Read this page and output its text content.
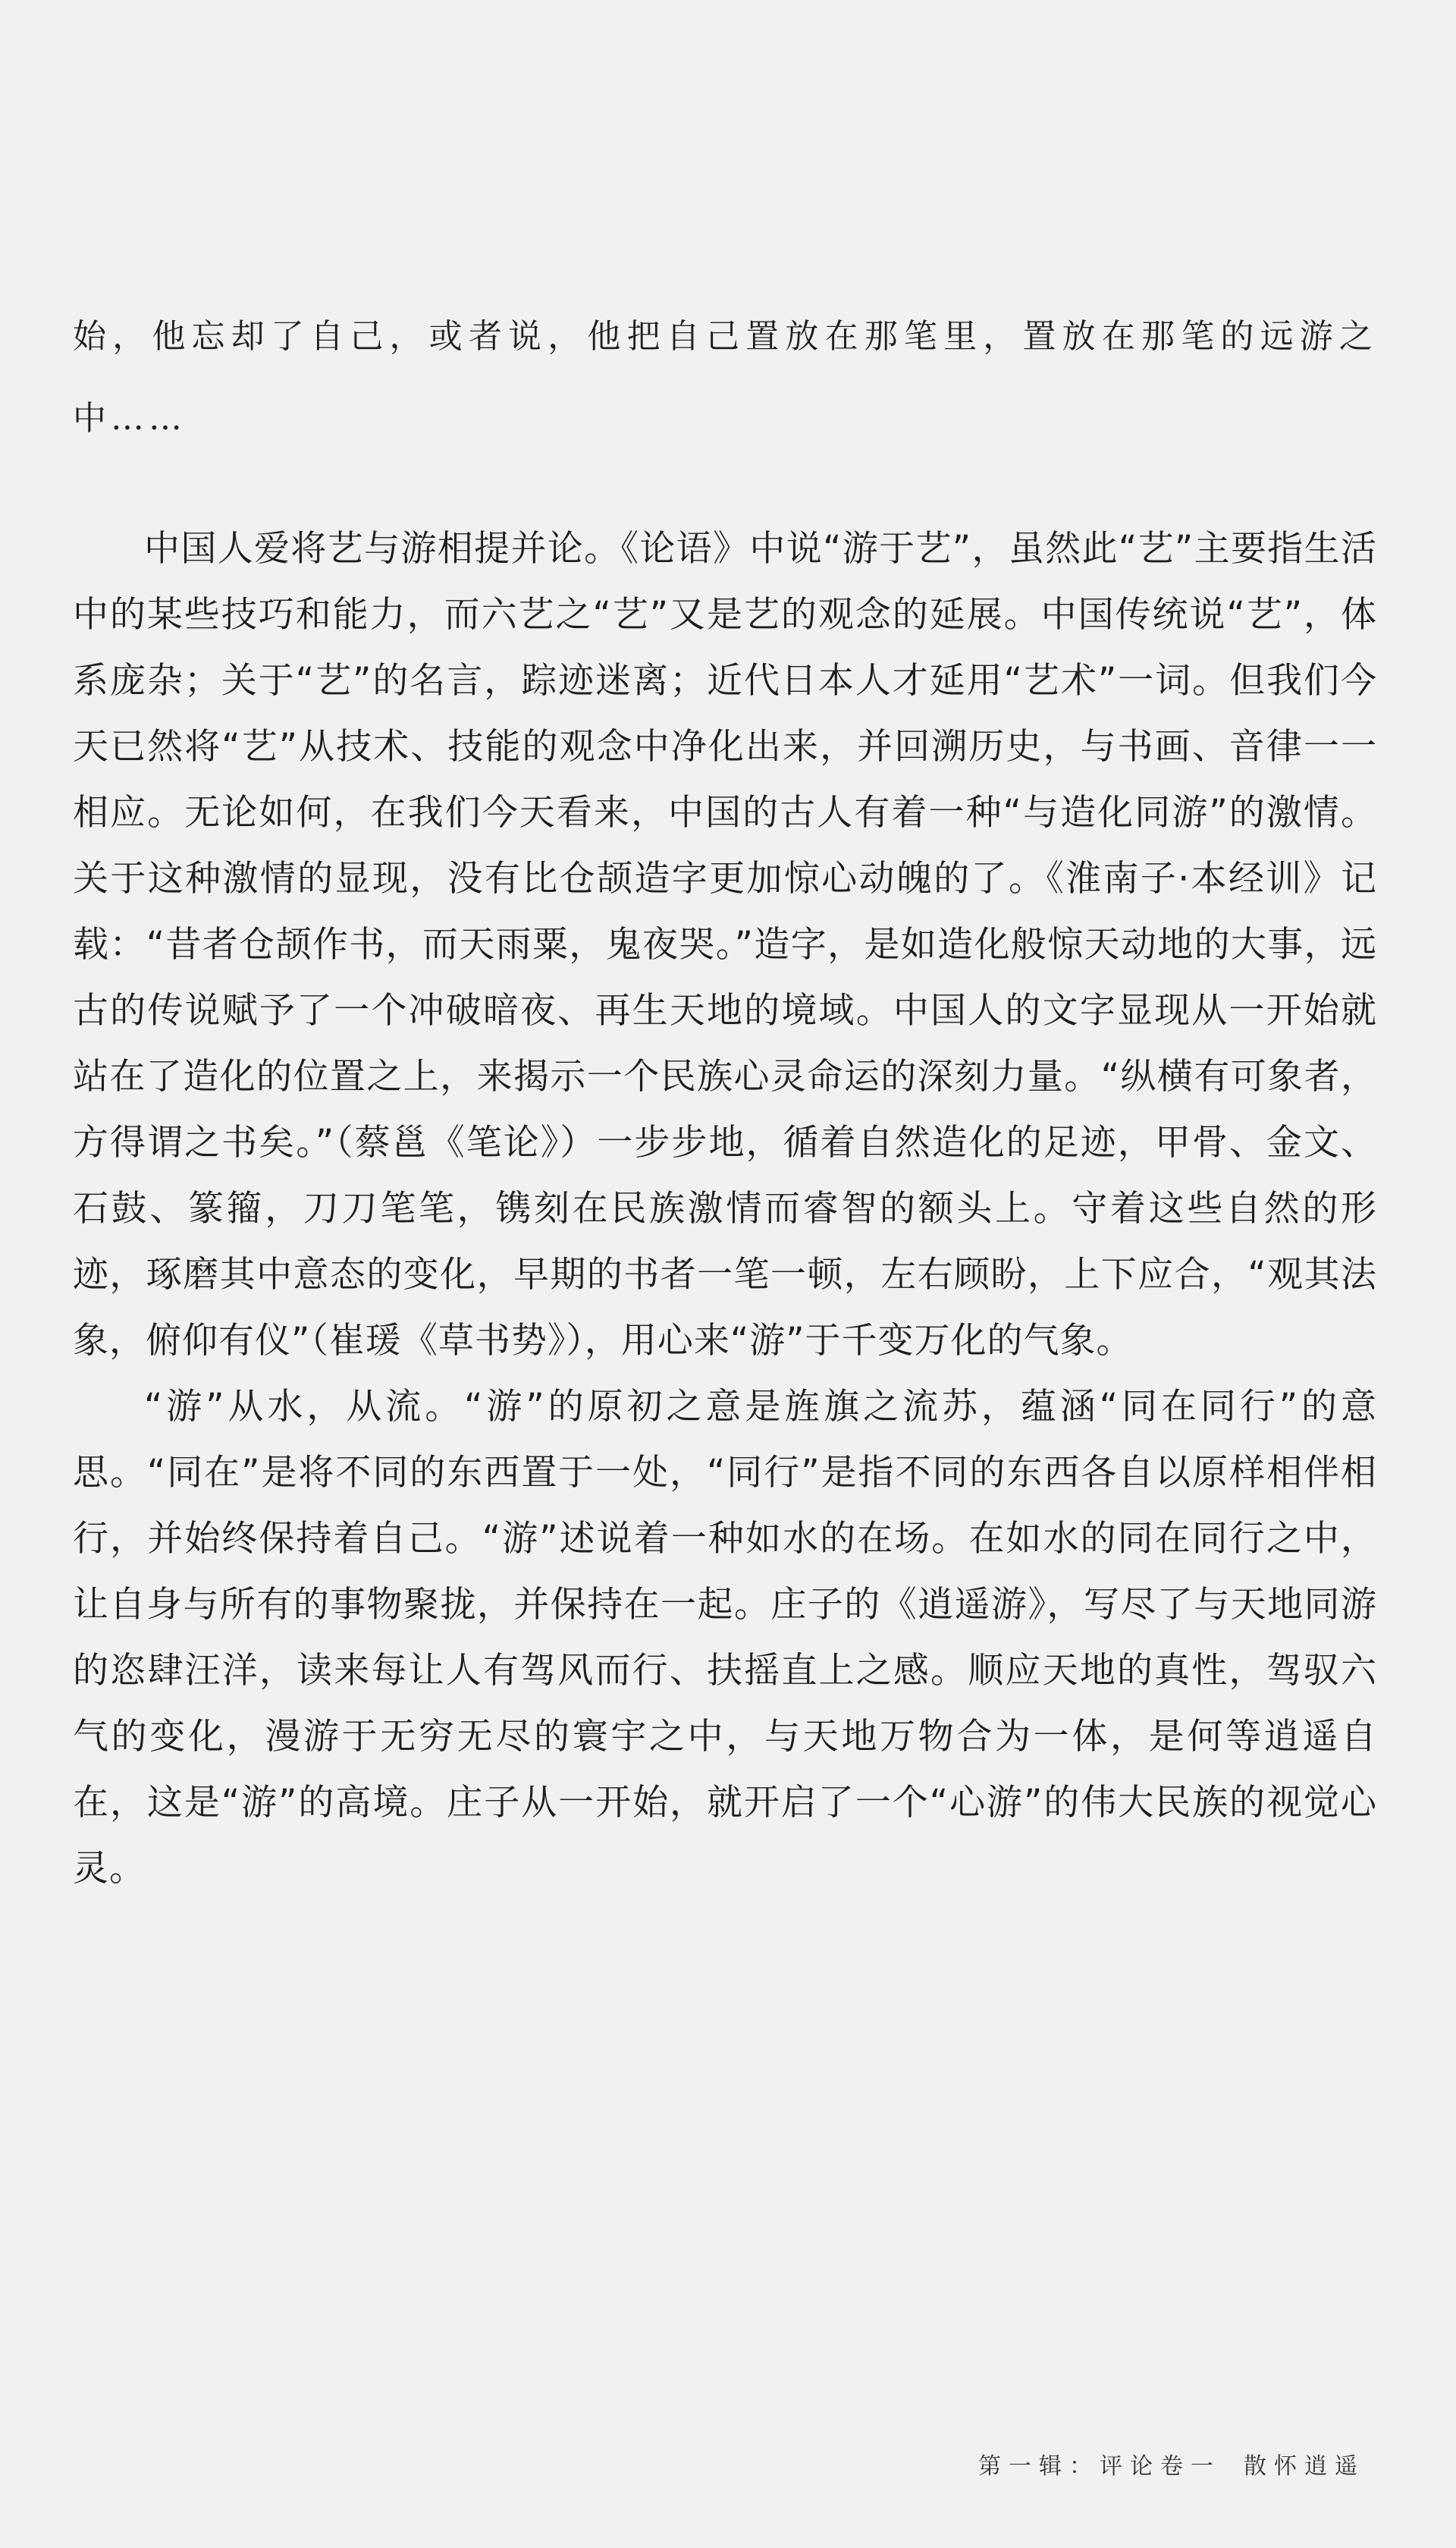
始，他忘却了自己，或者说，他把自己置放在那笔里，置放在那笔的远游之中……

中国人爱将艺与游相提并论。《论语》中说“游于艺”，虽然此“艺”主要指生活中的某些技巧和能力，而六艺之“艺”又是艺的观念的延展。中国传统说“艺”，体系庞杂；关于“艺”的名言，踪迹迷离；近代日本人才延用“艺术”一词。但我们今天已然将“艺”从技术、技能的观念中净化出来，并回溯历史，与书画、音律一一相应。无论如何，在我们今天看来，中国的古人有着一种“与造化同游”的激情。关于这种激情的显现，没有比仓颉造字更加惊心动魄的了。《淮南子·本经训》记载：“昔者仓颉作书，而天雨粟，鬼夜哭。”造字，是如造化般惊天动地的大事，远古的传说赋予了一个冲破暗夜、再生天地的境域。中国人的文字显现从一开始就站在了造化的位置之上，来揭示一个民族心灵命运的深刻力量。“纵横有可象者，方得谓之书矣。”（蔡邕《笔论》）一步步地，循着自然造化的足迹，甲骨、金文、石鼓、篆籀，刀刀笔笔，镌刻在民族激情而睿智的额头上。守着这些自然的形迹，琢磨其中意态的变化，早期的书者一笔一顿，左右顾盼，上下应合，“观其法象，俯仰有仪”（崔瑗《草书势》），用心来“游”于千变万化的气象。

“游”从水，从流。“游”的原初之意是旌旗之流苏，蕴涵“同在同行”的意思。“同在”是将不同的东西置于一处，“同行”是指不同的东西各自以原样相伴相行，并始终保持着自己。“游”述说着一种如水的在场。在如水的同在同行之中，让自身与所有的事物聚拢，并保持在一起。庄子的《逍遥游》，写尽了与天地同游的恣肆汪洋，读来每让人有驾风而行、扶摇直上之感。顺应天地的真性，驾驭六气的变化，漫游于无穷无尽的寰宇之中，与天地万物合为一体，是何等逍遥自在，这是“游”的高境。庄子从一开始，就开启了一个“心游”的伟大民族的视觉心灵。

第一辑：评论卷一 散怀逍遥
